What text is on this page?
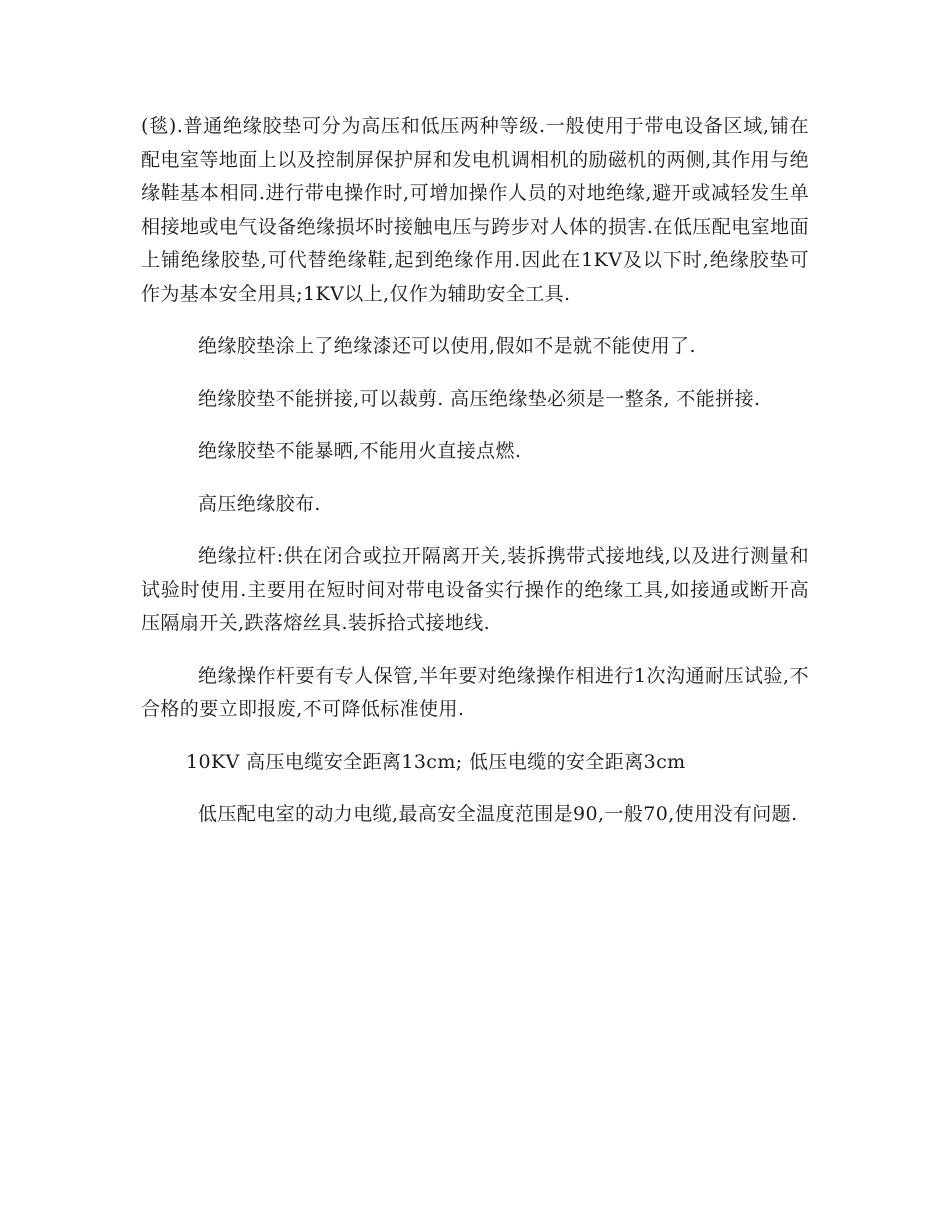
(毯).普通绝缘胶垫可分为高压和低压两种等级.一般使用于带电设备区域,铺在配电室等地面上以及控制屏保护屏和发电机调相机的励磁机的两侧,其作用与绝缘鞋基本相同.进行带电操作时,可增加操作人员的对地绝缘,避开或减轻发生单相接地或电气设备绝缘损坏时接触电压与跨步对人体的损害.在低压配电室地面上铺绝缘胶垫,可代替绝缘鞋,起到绝缘作用.因此在1KV及以下时,绝缘胶垫可作为基本安全用具;1KV以上,仅作为辅助安全工具.

绝缘胶垫涂上了绝缘漆还可以使用,假如不是就不能使用了.

绝缘胶垫不能拼接,可以裁剪. 高压绝缘垫必须是一整条, 不能拼接.

绝缘胶垫不能暴晒,不能用火直接点燃.

高压绝缘胶布.

绝缘拉杆:供在闭合或拉开隔离开关,装拆携带式接地线,以及进行测量和试验时使用.主要用在短时间对带电设备实行操作的绝缘工具,如接通或断开高压隔扇开关,跌落熔丝具.装拆拾式接地线.

绝缘操作杆要有专人保管,半年要对绝缘操作相进行1次沟通耐压试验,不合格的要立即报废,不可降低标准使用.

10KV 高压电缆安全距离13cm; 低压电缆的安全距离3cm

低压配电室的动力电缆,最高安全温度范围是90,一般70,使用没有问题.
